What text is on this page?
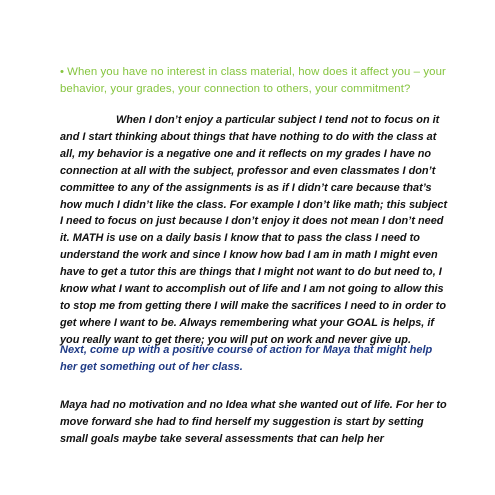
• When you have no interest in class material, how does it affect you – your behavior, your grades, your connection to others, your commitment?

When I don’t enjoy a particular subject I tend not to focus on it and I start thinking about things that have nothing to do with the class at all, my behavior is a negative one and it reflects on my grades I have no connection at all with the subject, professor and even classmates I don’t committee to any of the assignments is as if I didn’t care because that’s how much I didn’t like the class. For example I don’t like math; this subject I need to focus on just because I don’t enjoy it does not mean I don’t need it. MATH is use on a daily basis I know that to pass the class I need to understand the work and since I know how bad I am in math I might even have to get a tutor this are things that I might not want to do but need to, I know what I want to accomplish out of life and I am not going to allow this to stop me from getting there I will make the sacrifices I need to in order to get where I want to be. Always remembering what your GOAL is helps, if you really want to get there; you will put on work and never give up.

Next, come up with a positive course of action for Maya that might help her get something out of her class.

Maya had no motivation and no Idea what she wanted out of life. For her to move forward she had to find herself my suggestion is start by setting small goals maybe take several assessments that can help her
